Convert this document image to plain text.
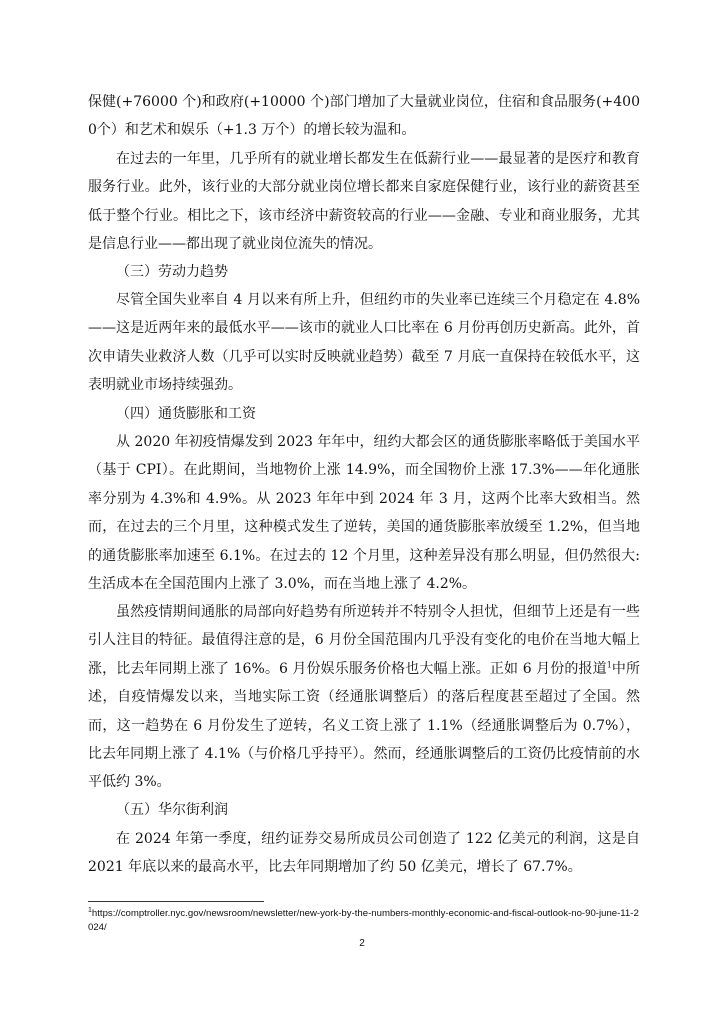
保健(+76000 个)和政府(+10000 个)部门增加了大量就业岗位，住宿和食品服务(+4000个）和艺术和娱乐（+1.3 万个）的增长较为温和。

在过去的一年里，几乎所有的就业增长都发生在低薪行业——最显著的是医疗和教育服务行业。此外，该行业的大部分就业岗位增长都来自家庭保健行业，该行业的薪资甚至低于整个行业。相比之下，该市经济中薪资较高的行业——金融、专业和商业服务，尤其是信息行业——都出现了就业岗位流失的情况。

（三）劳动力趋势

尽管全国失业率自 4 月以来有所上升，但纽约市的失业率已连续三个月稳定在 4.8%——这是近两年来的最低水平——该市的就业人口比率在 6 月份再创历史新高。此外，首次申请失业救济人数（几乎可以实时反映就业趋势）截至 7 月底一直保持在较低水平，这表明就业市场持续强劲。

（四）通货膨胀和工资

从 2020 年初疫情爆发到 2023 年年中，纽约大都会区的通货膨胀率略低于美国水平（基于 CPI）。在此期间，当地物价上涨 14.9%，而全国物价上涨 17.3%——年化通胀率分别为 4.3%和 4.9%。从 2023 年年中到 2024 年 3 月，这两个比率大致相当。然而，在过去的三个月里，这种模式发生了逆转，美国的通货膨胀率放缓至 1.2%，但当地的通货膨胀率加速至 6.1%。在过去的 12 个月里，这种差异没有那么明显，但仍然很大:生活成本在全国范围内上涨了 3.0%，而在当地上涨了 4.2%。

虽然疫情期间通胀的局部向好趋势有所逆转并不特别令人担忧，但细节上还是有一些引人注目的特征。最值得注意的是，6 月份全国范围内几乎没有变化的电价在当地大幅上涨，比去年同期上涨了 16%。6 月份娱乐服务价格也大幅上涨。正如 6 月份的报道$^1$中所述，自疫情爆发以来，当地实际工资（经通胀调整后）的落后程度甚至超过了全国。然而，这一趋势在 6 月份发生了逆转，名义工资上涨了 1.1%（经通胀调整后为 0.7%），比去年同期上涨了 4.1%（与价格几乎持平）。然而，经通胀调整后的工资仍比疫情前的水平低约 3%。

（五）华尔街利润

在 2024 年第一季度，纽约证券交易所成员公司创造了 122 亿美元的利润，这是自 2021 年底以来的最高水平，比去年同期增加了约 50 亿美元，增长了 67.7%。

$^1$https://comptroller.nyc.gov/newsroom/newsletter/new-york-by-the-numbers-monthly-economic-and-fiscal-outlook-no-90-june-11-2024/

2
